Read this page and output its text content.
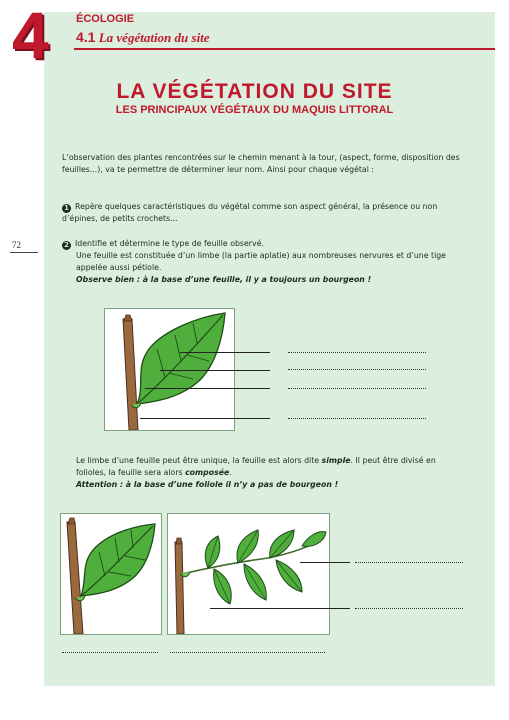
4	ÉCOLOGIE
4.1 La végétation du site
72
LA VÉGÉTATION DU SITE
LES PRINCIPAUX VÉGÉTAUX DU MAQUIS LITTORAL
L’observation des plantes rencontrées sur le chemin menant à la tour, (aspect, forme, disposition des feuilles...), va te permettre de déterminer leur nom. Ainsi pour chaque végétal :
1 Repère quelques caractéristiques du végétal comme son aspect général, la présence ou non d’épines, de petits crochets...
2 Identifie et détermine le type de feuille observé.
Une feuille est constituée d’un limbe (la partie aplatie) aux nombreuses nervures et d’une tige appelée aussi pétiole.
Observe bien : à la base d’une feuille, il y a toujours un bourgeon !
Le limbe d’une feuille peut être unique, la feuille est alors dite simple. Il peut être divisé en folioles, la feuille sera alors composée.
Attention : à la base d’une foliole il n’y a pas de bourgeon !
